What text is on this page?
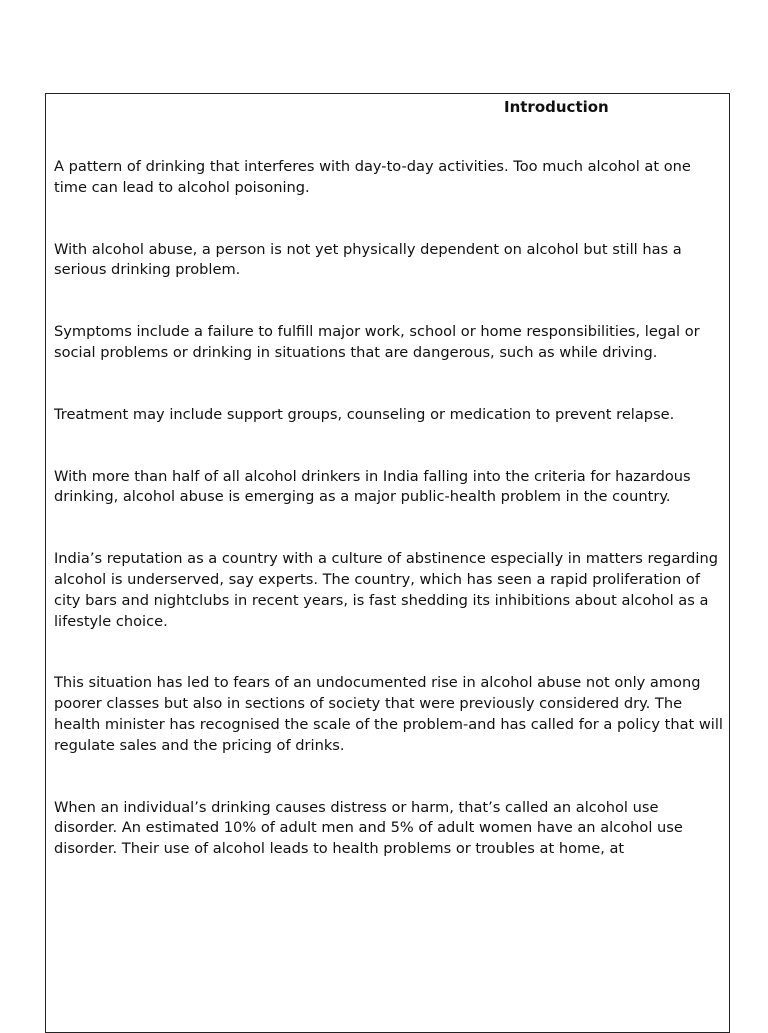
Introduction

A pattern of drinking that interferes with day-to-day activities. Too much alcohol at one time can lead to alcohol poisoning.

With alcohol abuse, a person is not yet physically dependent on alcohol but still has a serious drinking problem.

Symptoms include a failure to fulfill major work, school or home responsibilities, legal or social problems or drinking in situations that are dangerous, such as while driving.

Treatment may include support groups, counseling or medication to prevent relapse.

With more than half of all alcohol drinkers in India falling into the criteria for hazardous drinking, alcohol abuse is emerging as a major public-health problem in the country.

India’s reputation as a country with a culture of abstinence especially in matters regarding alcohol is underserved, say experts. The country, which has seen a rapid proliferation of city bars and nightclubs in recent years, is fast shedding its inhibitions about alcohol as a lifestyle choice.

This situation has led to fears of an undocumented rise in alcohol abuse not only among poorer classes but also in sections of society that were previously considered dry. The health minister has recognised the scale of the problem-and has called for a policy that will regulate sales and the pricing of drinks.

When an individual’s drinking causes distress or harm, that’s called an alcohol use disorder. An estimated 10% of adult men and 5% of adult women have an alcohol use disorder. Their use of alcohol leads to health problems or troubles at home, at
